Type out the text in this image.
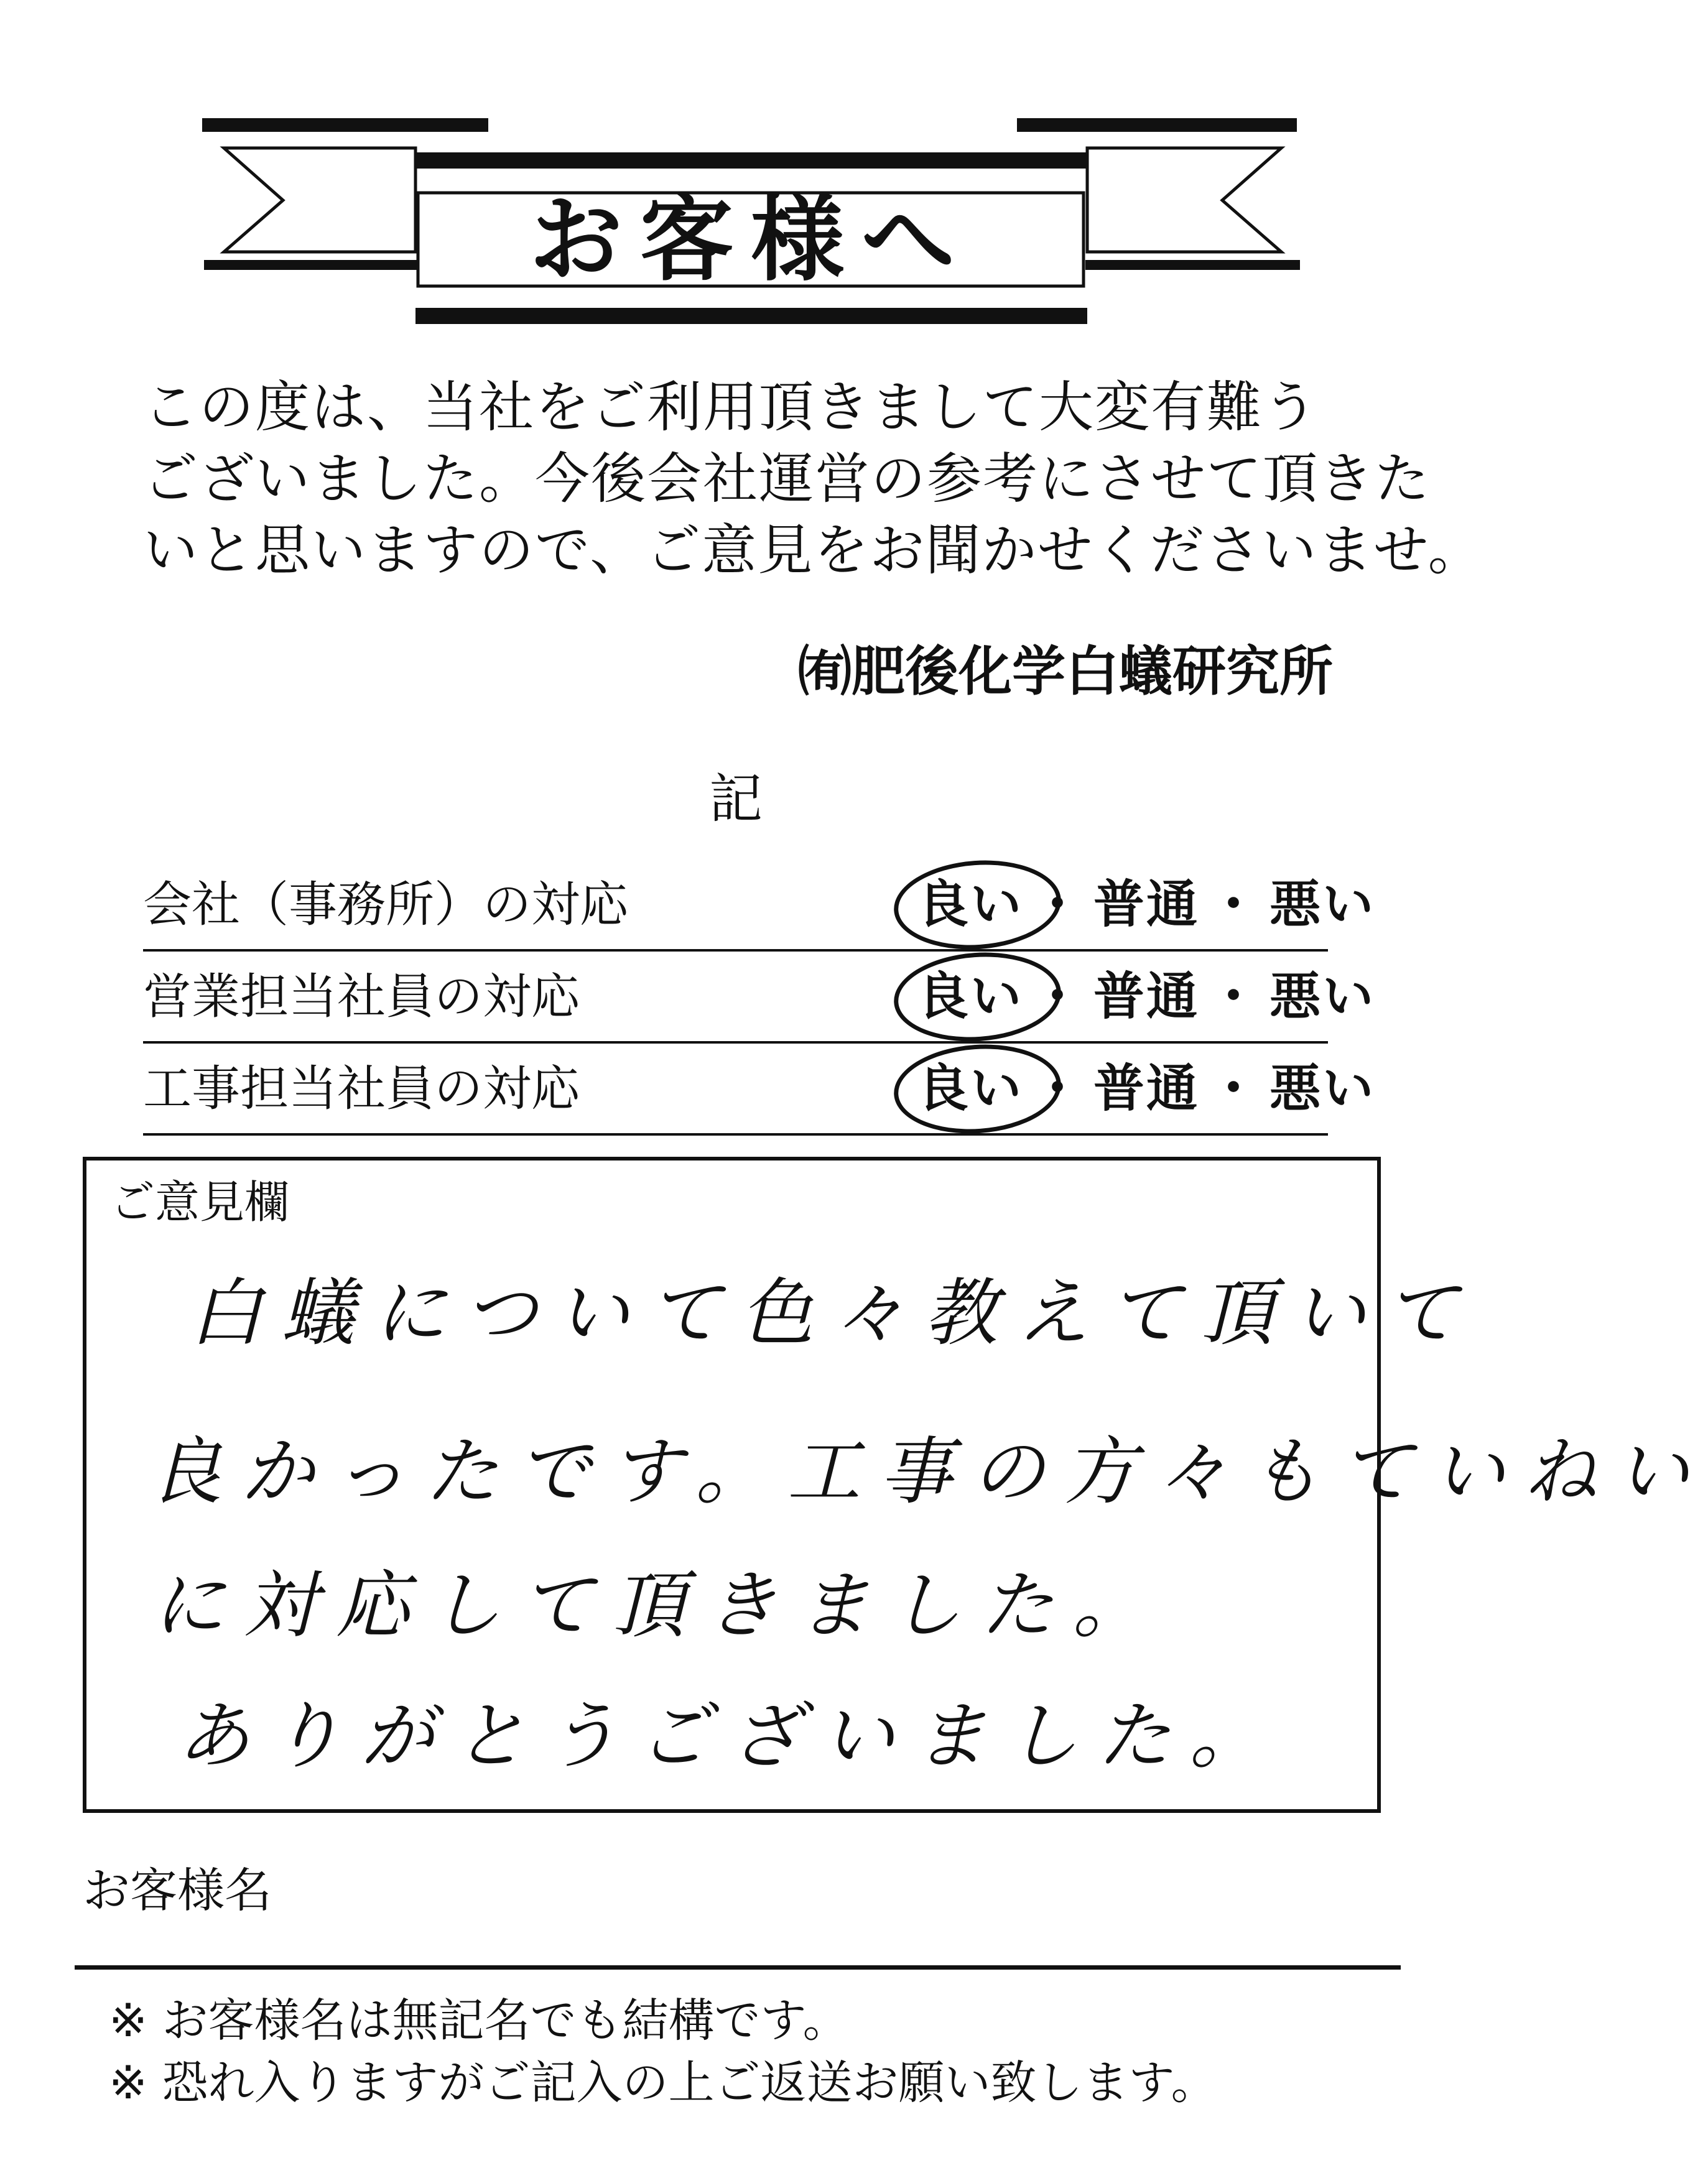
お客様へ
この度は、当社をご利用頂きまして大変有難う
ございました。今後会社運営の参考にさせて頂きた
いと思いますので、ご意見をお聞かせくださいませ。
㈲肥後化学白蟻研究所
記
会社（事務所）の対応	良い ・ 普通 ・ 悪い
営業担当社員の対応	良い ・ 普通 ・ 悪い
工事担当社員の対応	良い ・ 普通 ・ 悪い
ご意見欄
白蟻について色々教えて頂いて
良かったです。工事の方々もていねい
に対応して頂きました。
ありがとうございました。
お客様名
※ お客様名は無記名でも結構です。
※ 恐れ入りますがご記入の上ご返送お願い致します。
